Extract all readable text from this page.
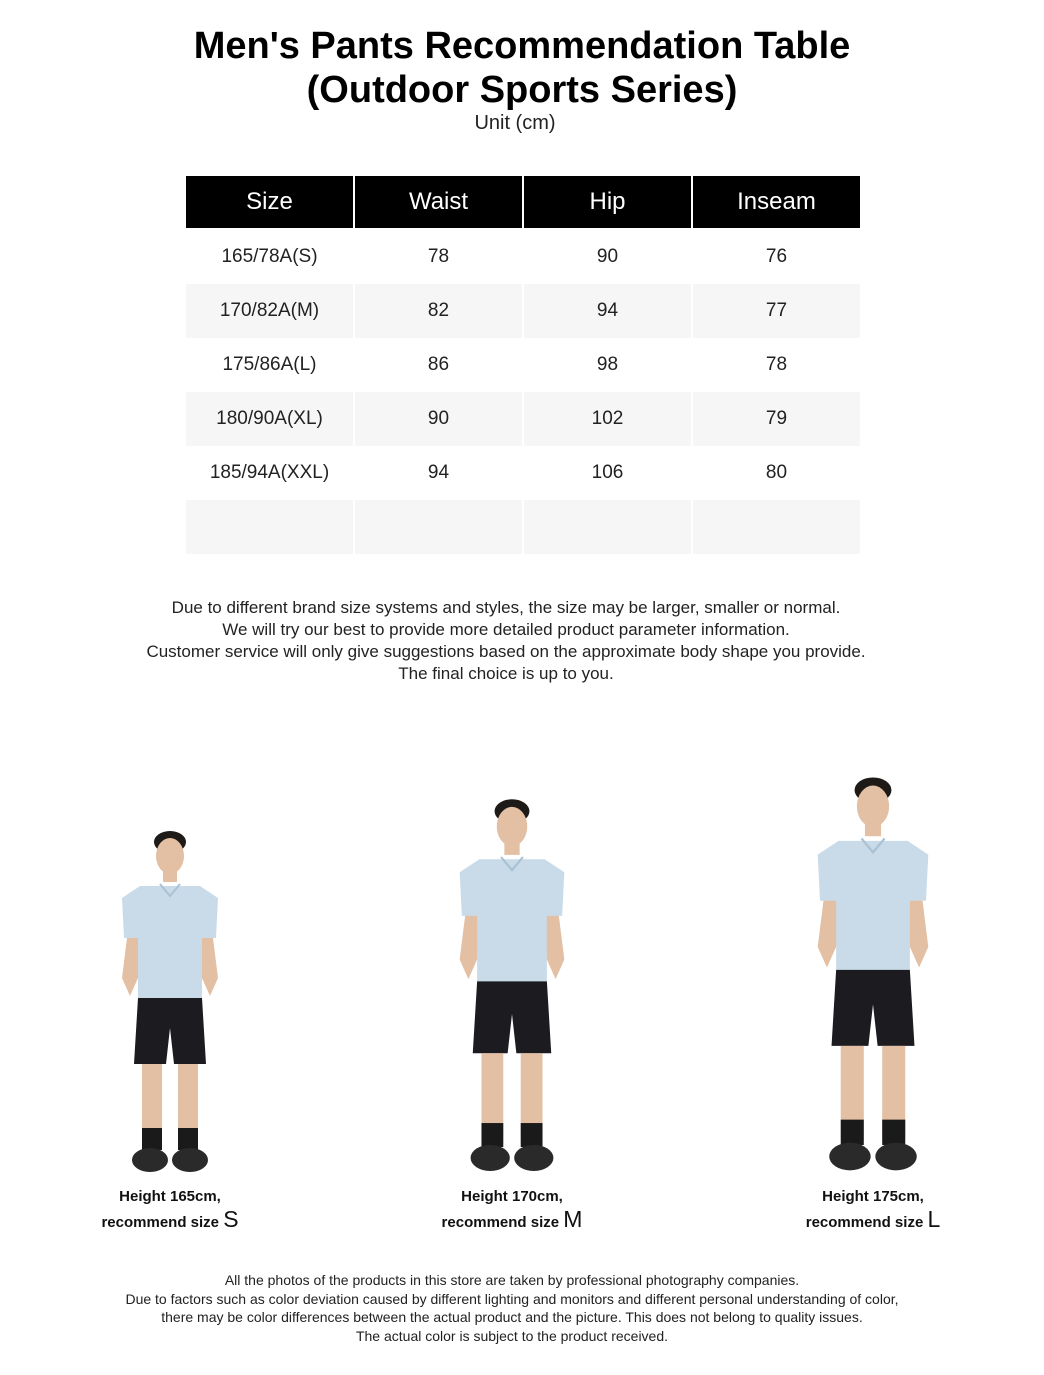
Men's Pants Recommendation Table
(Outdoor Sports Series)
Unit (cm)
Size	Waist	Hip	Inseam
165/78A(S)	78	90	76
170/82A(M)	82	94	77
175/86A(L)	86	98	78
180/90A(XL)	90	102	79
185/94A(XXL)	94	106	80
Due to different brand size systems and styles, the size may be larger, smaller or normal.
We will try our best to provide more detailed product parameter information.
Customer service will only give suggestions based on the approximate body shape you provide.
The final choice is up to you.
Height 165cm,
recommend size S
Height 170cm,
recommend size M
Height 175cm,
recommend size L
All the photos of the products in this store are taken by professional photography companies.
Due to factors such as color deviation caused by different lighting and monitors and different personal understanding of color,
there may be color differences between the actual product and the picture. This does not belong to quality issues.
The actual color is subject to the product received.
